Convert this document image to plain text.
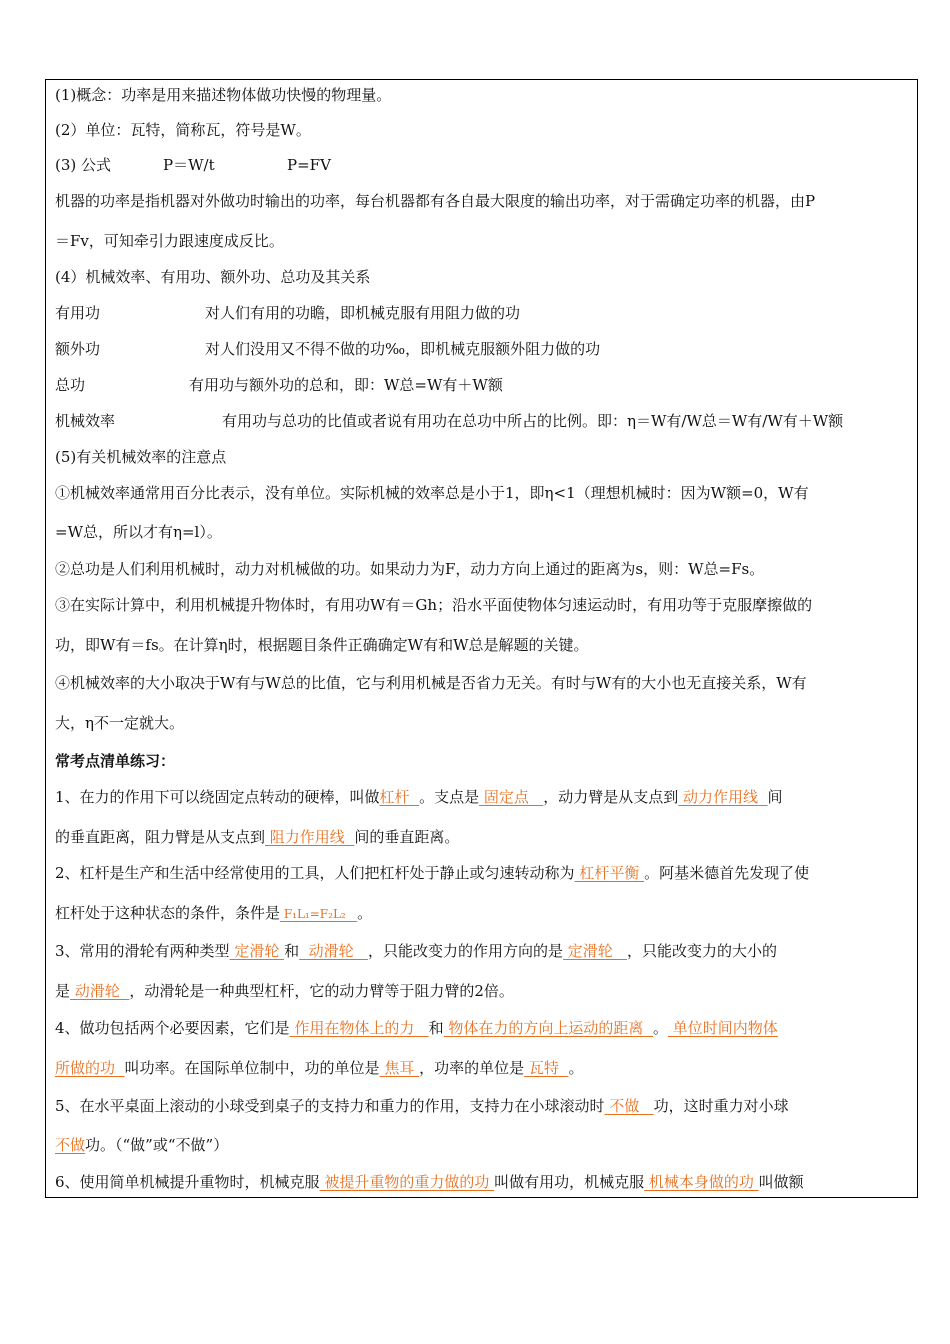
(1)概念：功率是用来描述物体做功快慢的物理量。
(2）单位：瓦特，简称瓦，符号是W。
(3) 公式	P＝W/t	P=FV
机器的功率是指机器对外做功时输出的功率，每台机器都有各自最大限度的输出功率，对于需确定功率的机器，由P
＝Fv，可知牵引力跟速度成反比。
(4）机械效率、有用功、额外功、总功及其关系
有用功	对人们有用的功瞻，即机械克服有用阻力做的功
额外功	对人们没用又不得不做的功‰，即机械克服额外阻力做的功
总功	有用功与额外功的总和，即：W总=W有＋W额
机械效率	有用功与总功的比值或者说有用功在总功中所占的比例。即：η＝W有/W总＝W有/W有＋W额
(5)有关机械效率的注意点
①机械效率通常用百分比表示，没有单位。实际机械的效率总是小于1，即η<1（理想机械时：因为W额=0，W有
=W总，所以才有η=l）。
②总功是人们利用机械时，动力对机械做的功。如果动力为F，动力方向上通过的距离为s，则：W总=Fs。
③在实际计算中，利用机械提升物体时，有用功W有＝Gh；沿水平面使物体匀速运动时，有用功等于克服摩擦做的
功，即W有＝fs。在计算η时，根据题目条件正确确定W有和W总是解题的关键。
④机械效率的大小取决于W有与W总的比值，它与利用机械是否省力无关。有时与W有的大小也无直接关系，W有
大，η不一定就大。
常考点清单练习：
1、在力的作用下可以绕固定点转动的硬棒，叫做杠杆  。支点是 固定点   ，动力臂是从支点到 动力作用线  间
的垂直距离，阻力臂是从支点到 阻力作用线  间的垂直距离。
2、杠杆是生产和生活中经常使用的工具，人们把杠杆处于静止或匀速转动称为 杠杆平衡 。阿基米德首先发现了使
杠杆处于这种状态的条件，条件是 F₁L₁=F₂L₂   。
3、常用的滑轮有两种类型 定滑轮 和  动滑轮   ，只能改变力的作用方向的是 定滑轮   ，只能改变力的大小的
是 动滑轮  ，动滑轮是一种典型杠杆，它的动力臂等于阻力臂的2倍。
4、做功包括两个必要因素，它们是 作用在物体上的力   和 物体在力的方向上运动的距离  。 单位时间内物体
所做的功  叫功率。在国际单位制中，功的单位是 焦耳 ，功率的单位是 瓦特  。
5、在水平桌面上滚动的小球受到桌子的支持力和重力的作用，支持力在小球滚动时 不做   功，这时重力对小球
不做功。（“做”或“不做”）
6、使用简单机械提升重物时，机械克服 被提升重物的重力做的功 叫做有用功，机械克服 机械本身做的功 叫做额
